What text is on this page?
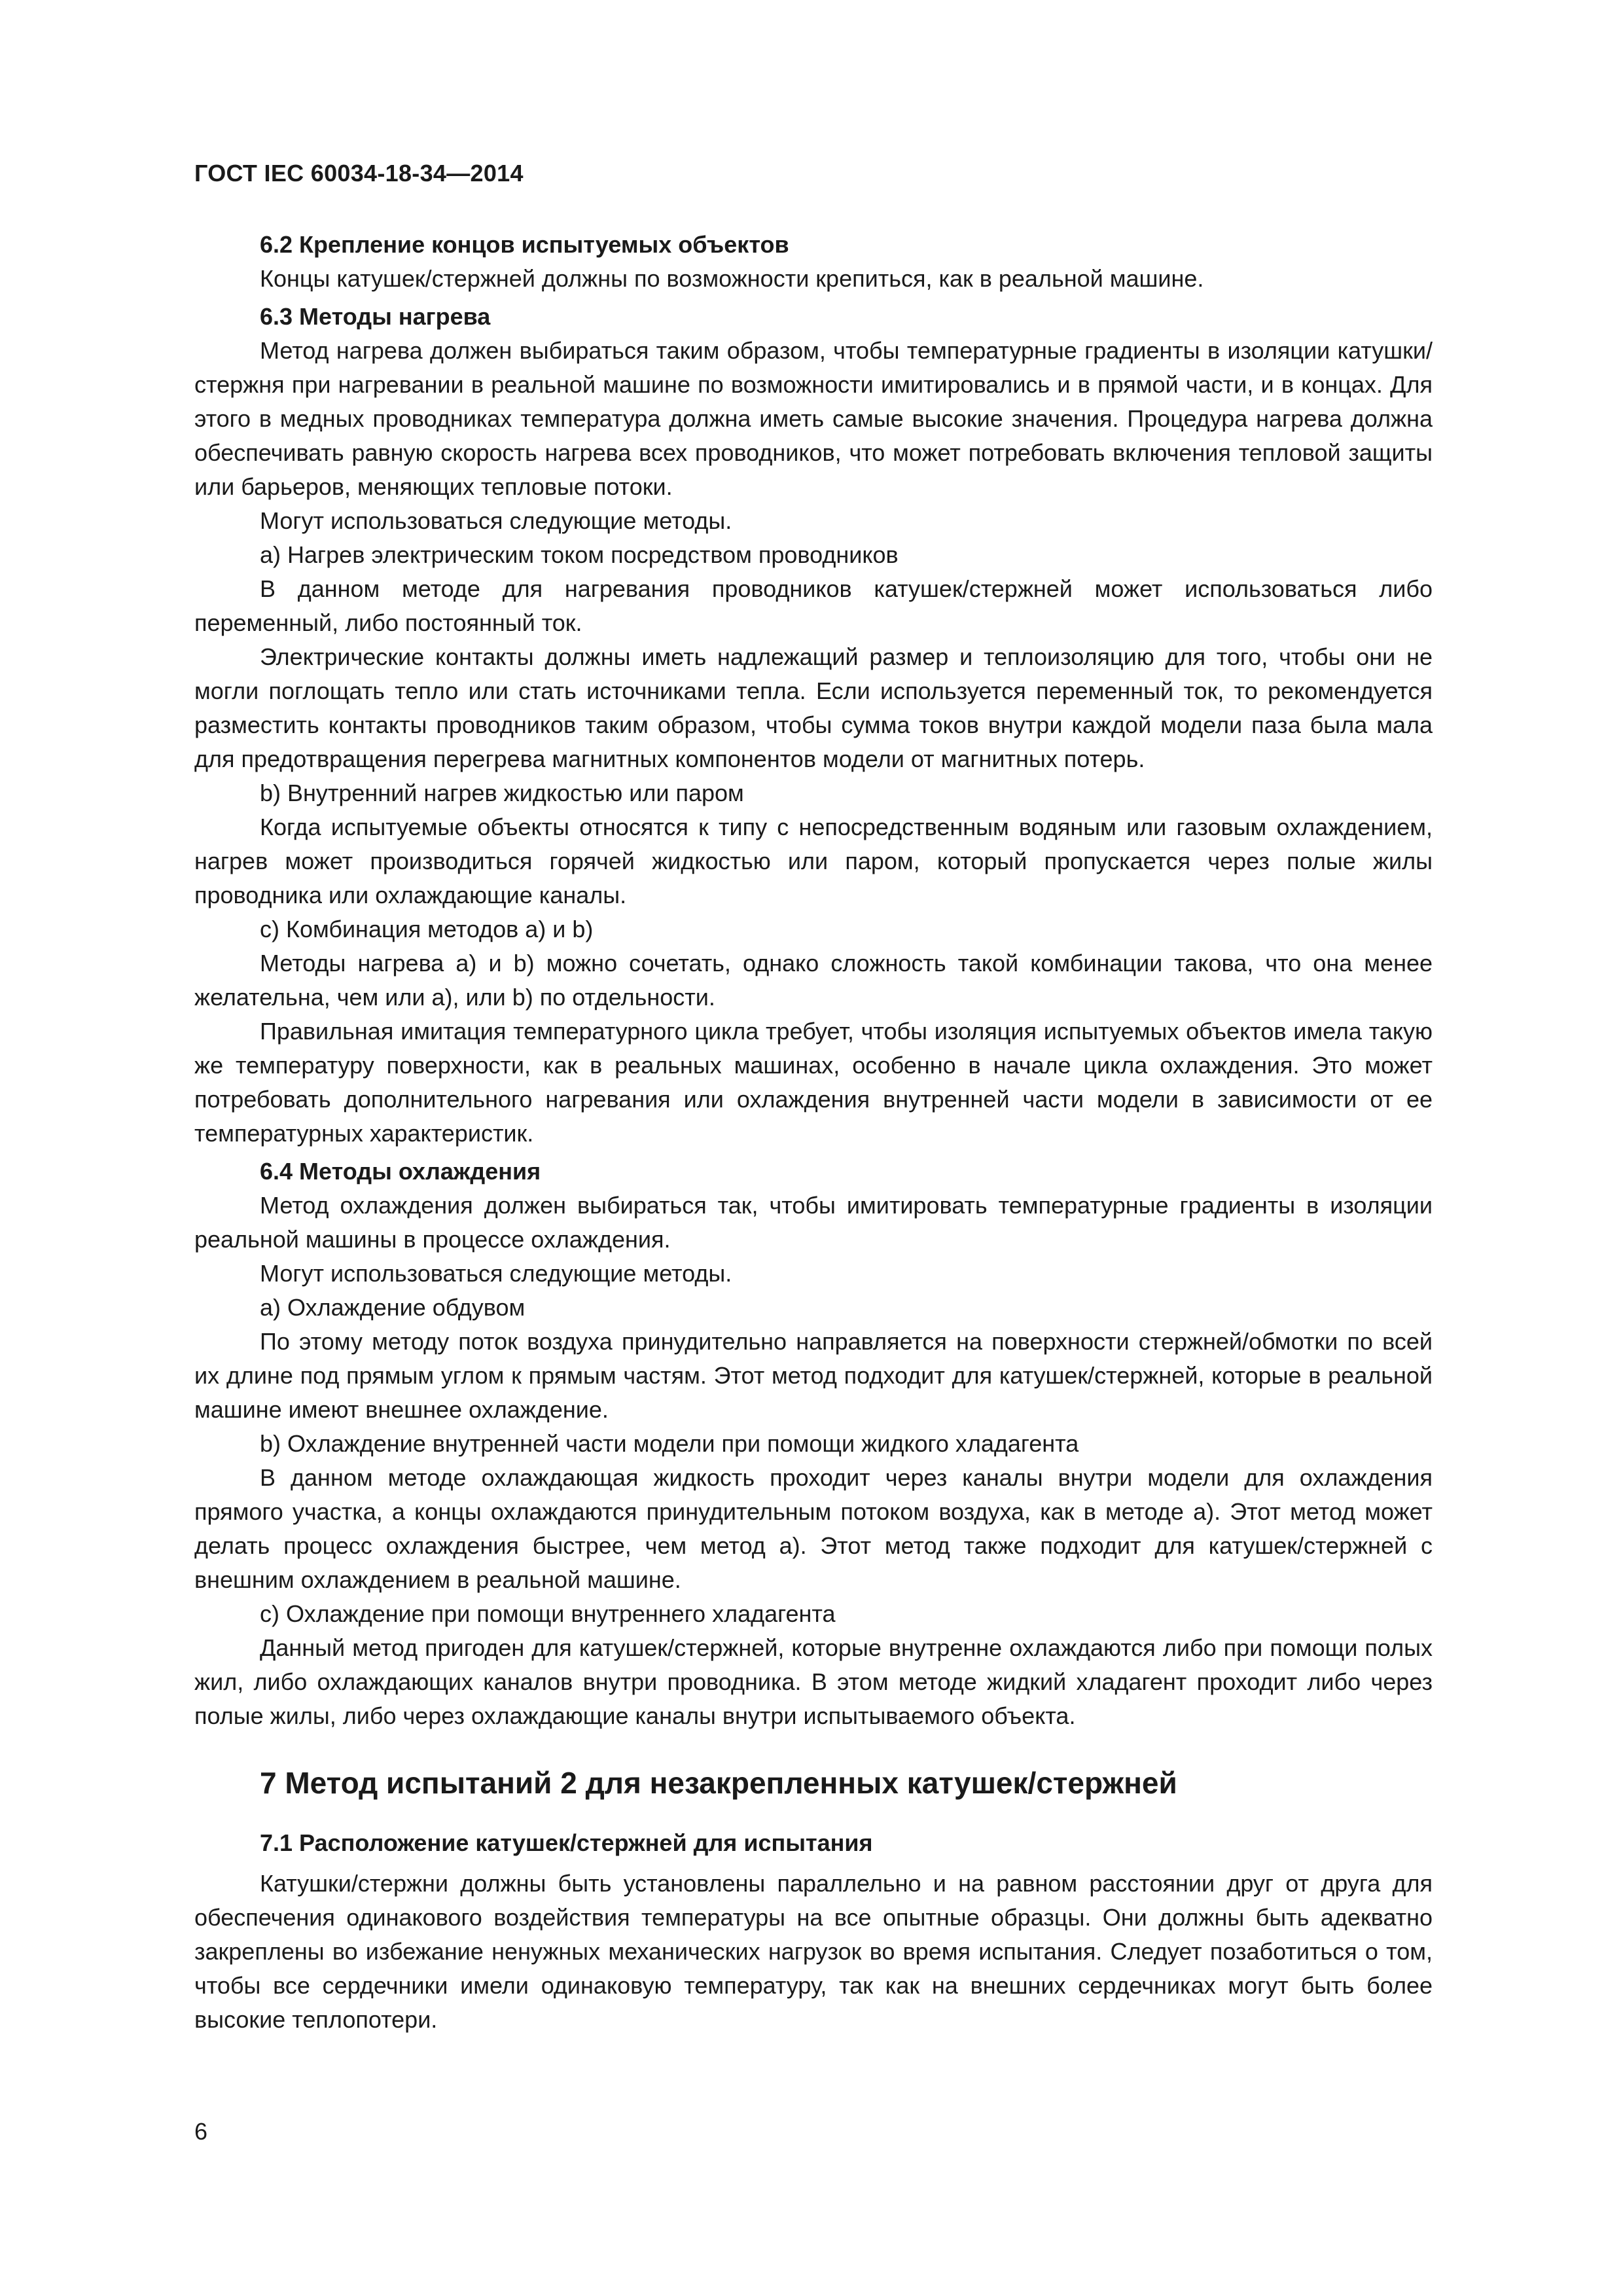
ГОСТ IEC 60034-18-34—2014
6.2 Крепление концов испытуемых объектов
Концы катушек/стержней должны по возможности крепиться, как в реальной машине.
6.3 Методы нагрева
Метод нагрева должен выбираться таким образом, чтобы температурные градиенты в изоляции катушки/стержня при нагревании в реальной машине по возможности имитировались и в прямой части, и в концах. Для этого в медных проводниках температура должна иметь самые высокие значения. Процедура нагрева должна обеспечивать равную скорость нагрева всех проводников, что может потребовать включения тепловой защиты или барьеров, меняющих тепловые потоки.
Могут использоваться следующие методы.
а) Нагрев электрическим током посредством проводников
В данном методе для нагревания проводников катушек/стержней может использоваться либо переменный, либо постоянный ток.
Электрические контакты должны иметь надлежащий размер и теплоизоляцию для того, чтобы они не могли поглощать тепло или стать источниками тепла. Если используется переменный ток, то рекомендуется разместить контакты проводников таким образом, чтобы сумма токов внутри каждой модели паза была мала для предотвращения перегрева магнитных компонентов модели от магнитных потерь.
b) Внутренний нагрев жидкостью или паром
Когда испытуемые объекты относятся к типу с непосредственным водяным или газовым охлаждением, нагрев может производиться горячей жидкостью или паром, который пропускается через полые жилы проводника или охлаждающие каналы.
с) Комбинация методов а) и b)
Методы нагрева а) и b) можно сочетать, однако сложность такой комбинации такова, что она менее желательна, чем или а), или b) по отдельности.
Правильная имитация температурного цикла требует, чтобы изоляция испытуемых объектов имела такую же температуру поверхности, как в реальных машинах, особенно в начале цикла охлаждения. Это может потребовать дополнительного нагревания или охлаждения внутренней части модели в зависимости от ее температурных характеристик.
6.4 Методы охлаждения
Метод охлаждения должен выбираться так, чтобы имитировать температурные градиенты в изоляции реальной машины в процессе охлаждения.
Могут использоваться следующие методы.
а) Охлаждение обдувом
По этому методу поток воздуха принудительно направляется на поверхности стержней/обмотки по всей их длине под прямым углом к прямым частям. Этот метод подходит для катушек/стержней, которые в реальной машине имеют внешнее охлаждение.
b) Охлаждение внутренней части модели при помощи жидкого хладагента
В данном методе охлаждающая жидкость проходит через каналы внутри модели для охлаждения прямого участка, а концы охлаждаются принудительным потоком воздуха, как в методе а). Этот метод может делать процесс охлаждения быстрее, чем метод а). Этот метод также подходит для катушек/стержней с внешним охлаждением в реальной машине.
с) Охлаждение при помощи внутреннего хладагента
Данный метод пригоден для катушек/стержней, которые внутренне охлаждаются либо при помощи полых жил, либо охлаждающих каналов внутри проводника. В этом методе жидкий хладагент проходит либо через полые жилы, либо через охлаждающие каналы внутри испытываемого объекта.
7 Метод испытаний 2 для незакрепленных катушек/стержней
7.1 Расположение катушек/стержней для испытания
Катушки/стержни должны быть установлены параллельно и на равном расстоянии друг от друга для обеспечения одинакового воздействия температуры на все опытные образцы. Они должны быть адекватно закреплены во избежание ненужных механических нагрузок во время испытания. Следует позаботиться о том, чтобы все сердечники имели одинаковую температуру, так как на внешних сердечниках могут быть более высокие теплопотери.
6
